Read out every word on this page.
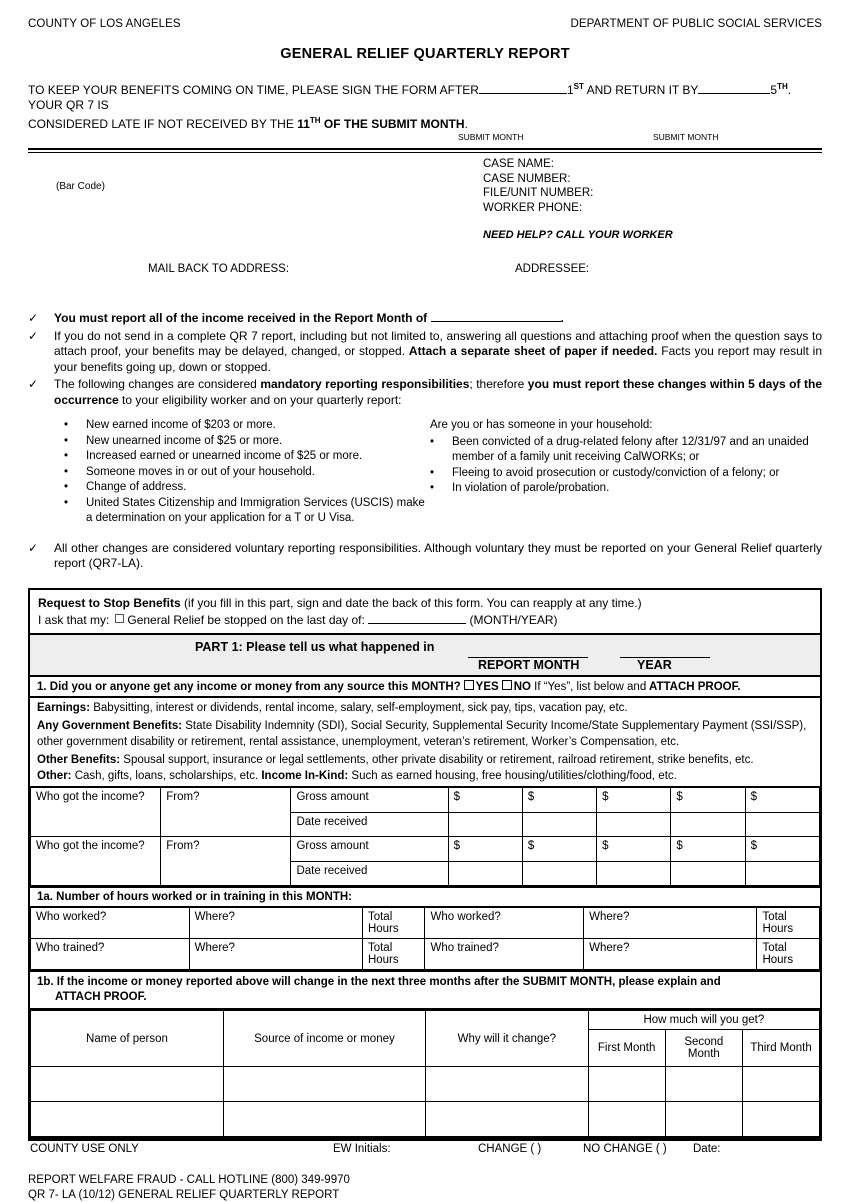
COUNTY OF LOS ANGELES	DEPARTMENT OF PUBLIC SOCIAL SERVICES
GENERAL RELIEF QUARTERLY REPORT
TO KEEP YOUR BENEFITS COMING ON TIME, PLEASE SIGN THE FORM AFTER	1ST AND RETURN IT BY	5TH. YOUR QR 7 IS
CONSIDERED LATE IF NOT RECEIVED BY THE 11TH OF THE SUBMIT MONTH.
SUBMIT MONTH	SUBMIT MONTH
(Bar Code)
CASE NAME:
CASE NUMBER:
FILE/UNIT NUMBER:
WORKER PHONE:
NEED HELP? CALL YOUR WORKER
MAIL BACK TO ADDRESS:	ADDRESSEE:
✓	You must report all of the income received in the Report Month of	.
✓	If you do not send in a complete QR 7 report, including but not limited to, answering all questions and attaching proof when the question says to attach proof, your benefits may be delayed, changed, or stopped. Attach a separate sheet of paper if needed. Facts you report may result in your benefits going up, down or stopped.
✓	The following changes are considered mandatory reporting responsibilities; therefore you must report these changes within 5 days of the occurrence to your eligibility worker and on your quarterly report:
•	New earned income of $203 or more.
•	New unearned income of $25 or more.
•	Increased earned or unearned income of $25 or more.
•	Someone moves in or out of your household.
•	Change of address.
•	United States Citizenship and Immigration Services (USCIS) make a determination on your application for a T or U Visa.
Are you or has someone in your household:
•	Been convicted of a drug-related felony after 12/31/97 and an unaided member of a family unit receiving CalWORKs; or
•	Fleeing to avoid prosecution or custody/conviction of a felony; or
•	In violation of parole/probation.
✓	All other changes are considered voluntary reporting responsibilities. Although voluntary they must be reported on your General Relief quarterly report (QR7-LA).
Request to Stop Benefits (if you fill in this part, sign and date the back of this form. You can reapply at any time.)
I ask that my: General Relief be stopped on the last day of:	(MONTH/YEAR)
PART 1: Please tell us what happened in
REPORT MONTH	YEAR
1. Did you or anyone get any income or money from any source this MONTH? YES NO If “Yes”, list below and ATTACH PROOF.

Earnings: Babysitting, interest or dividends, rental income, salary, self-employment, sick pay, tips, vacation pay, etc.

Any Government Benefits: State Disability Indemnity (SDI), Social Security, Supplemental Security Income/State Supplementary Payment (SSI/SSP), other government disability or retirement, rental assistance, unemployment, veteran’s retirement, Worker’s Compensation, etc.

Other Benefits: Spousal support, insurance or legal settlements, other private disability or retirement, railroad retirement, strike benefits, etc.

Other: Cash, gifts, loans, scholarships, etc. Income In-Kind: Such as earned housing, free housing/utilities/clothing/food, etc.

Who got the income?	From?	Gross amount	$	$	$	$	$
		Date received					
Who got the income?	From?	Gross amount	$	$	$	$	$
		Date received					
1a. Number of hours worked or in training in this MONTH:
Who worked?	Where?	Total Hours	Who worked?	Where?	Total Hours
Who trained?	Where?	Total Hours	Who trained?	Where?	Total Hours
1b. If the income or money reported above will change in the next three months after the SUBMIT MONTH, please explain and
ATTACH PROOF.
Name of person	Source of income or money	Why will it change?	How much will you get?		
			First Month	Second Month	Third Month

COUNTY USE ONLY	EW Initials:	CHANGE ( )	NO CHANGE ( ) Date:
REPORT WELFARE FRAUD - CALL HOTLINE (800) 349-9970
QR 7- LA (10/12) GENERAL RELIEF QUARTERLY REPORT
